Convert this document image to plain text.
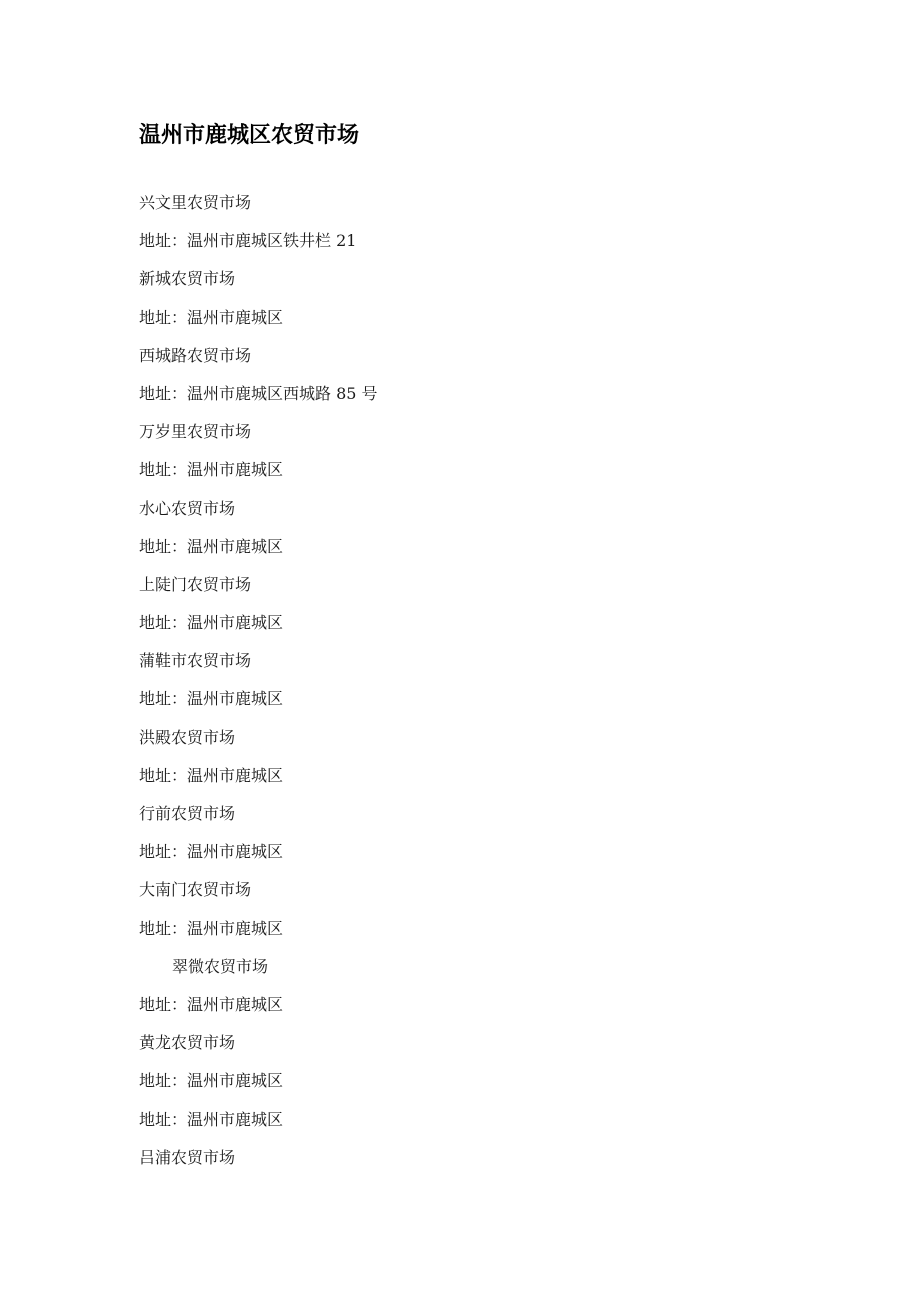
温州市鹿城区农贸市场
兴文里农贸市场
地址：温州市鹿城区铁井栏 21
新城农贸市场
地址：温州市鹿城区
西城路农贸市场
地址：温州市鹿城区西城路 85 号
万岁里农贸市场
地址：温州市鹿城区
水心农贸市场
地址：温州市鹿城区
上陡门农贸市场
地址：温州市鹿城区
蒲鞋市农贸市场
地址：温州市鹿城区
洪殿农贸市场
地址：温州市鹿城区
行前农贸市场
地址：温州市鹿城区
大南门农贸市场
地址：温州市鹿城区
翠微农贸市场
地址：温州市鹿城区
黄龙农贸市场
地址：温州市鹿城区
地址：温州市鹿城区
吕浦农贸市场
